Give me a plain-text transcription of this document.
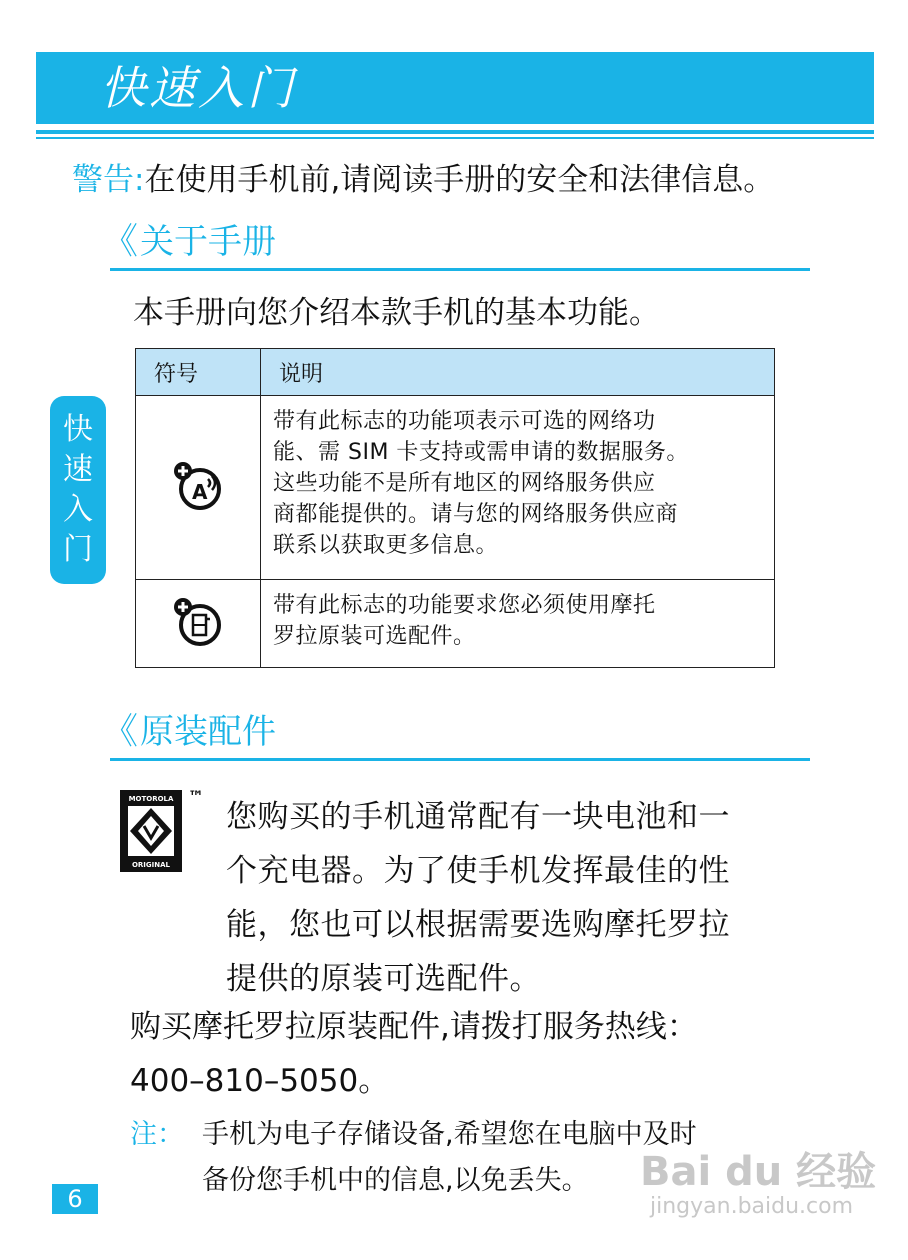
快速入门
警告:在使用手机前,请阅读手册的安全和法律信息。
《关于手册
本手册向您介绍本款手机的基本功能。
快
速
入
门
符号	说明

A	带有此标志的功能项表示可选的网络功
能、需 SIM 卡支持或需申请的数据服务。
这些功能不是所有地区的网络服务供应
商都能提供的。请与您的网络服务供应商
联系以获取更多信息。

带有此标志的功能要求您必须使用摩托
罗拉原装可选配件。
《原装配件
MOTOROLA
ORIGINAL
™
您购买的手机通常配有一块电池和一
个充电器。为了使手机发挥最佳的性
能，您也可以根据需要选购摩托罗拉
提供的原装可选配件。
购买摩托罗拉原装配件,请拨打服务热线：
400–810–5050。
注： 手机为电子存储设备,希望您在电脑中及时
备份您手机中的信息,以免丢失。
6
Bai du 经验
jingyan.baidu.com
